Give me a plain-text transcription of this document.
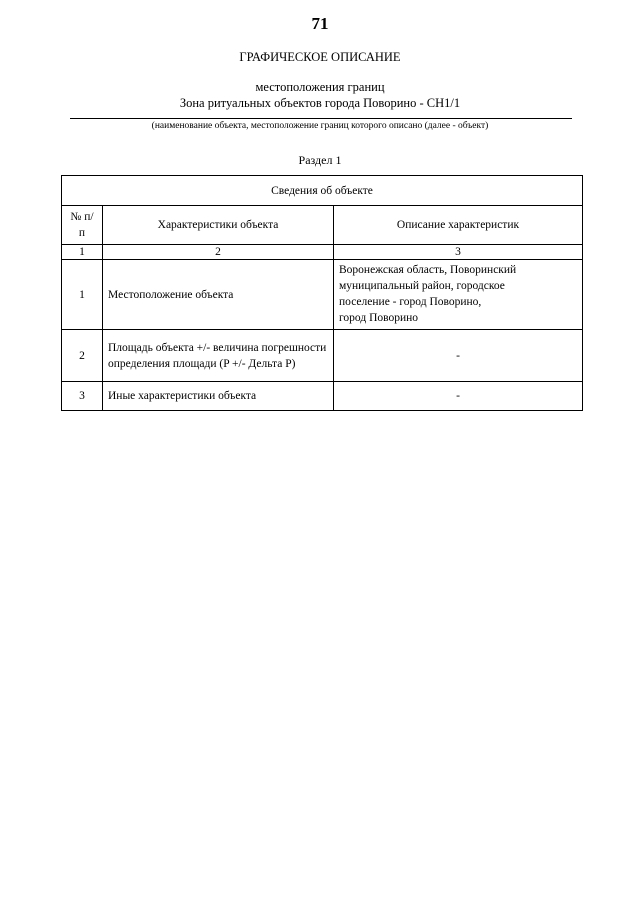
71
ГРАФИЧЕСКОЕ ОПИСАНИЕ
местоположения границ
Зона ритуальных объектов города Поворино - СН1/1
(наименование объекта, местоположение границ которого описано (далее - объект)
Раздел 1
Сведения об объекте		
№ п/п	Характеристики объекта	Описание характеристик
1	2	3
1	Местоположение объекта	Воронежская область, Поворинский
муниципальный район, городское
поселение - город Поворино,
город Поворино

2	Площадь объекта +/- величина погрешности определения площади (P +/- Дельта P)	-
3	Иные характеристики объекта	-
